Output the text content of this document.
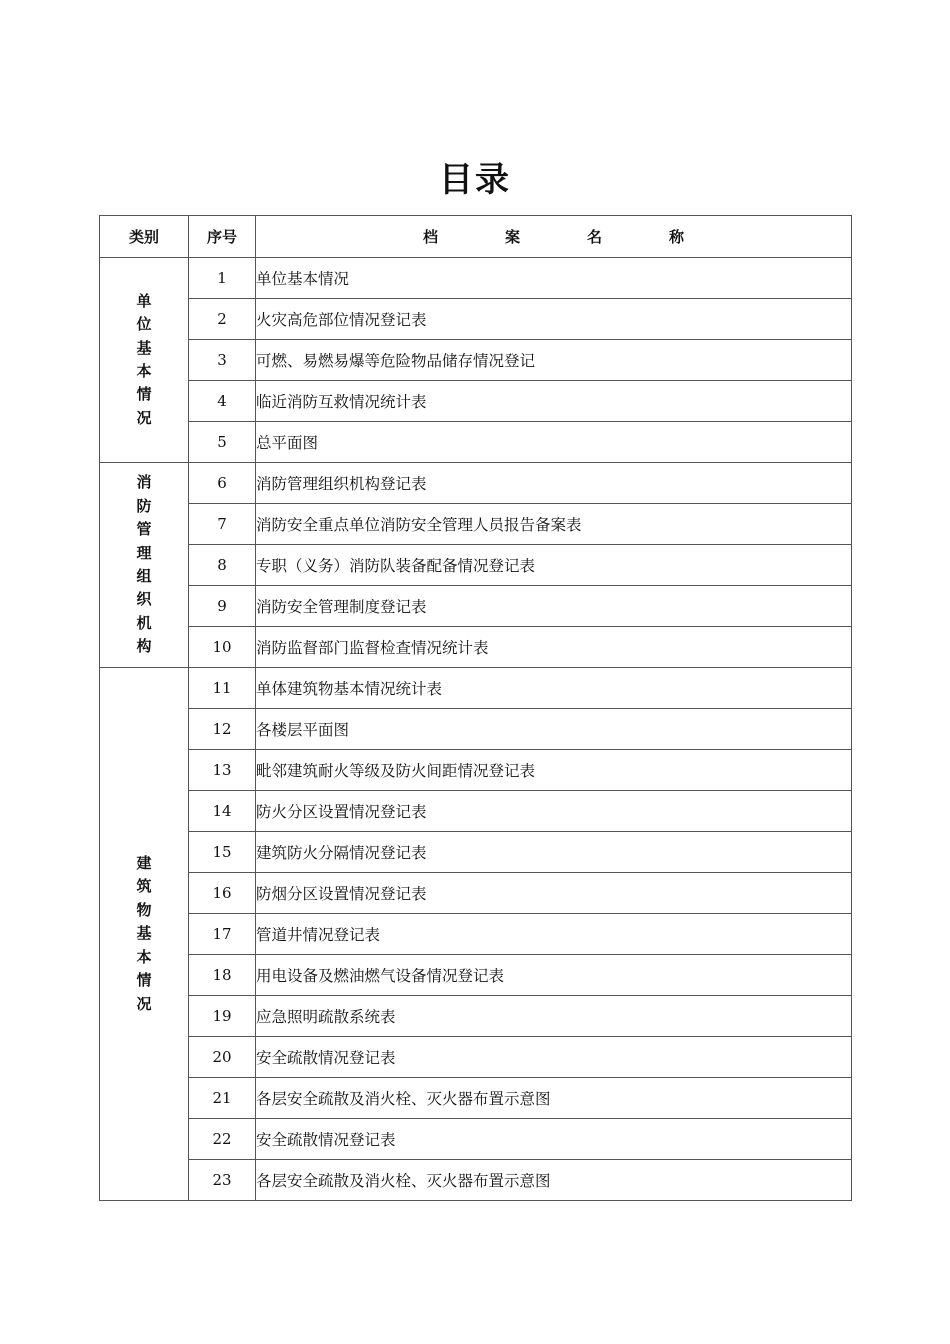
目录
类别	序号	档　案　名　称
单位基本情况	1	单位基本情况
	2	火灾高危部位情况登记表
	3	可燃、易燃易爆等危险物品储存情况登记
	4	临近消防互救情况统计表
	5	总平面图
消防管理组织机构	6	消防管理组织机构登记表
	7	消防安全重点单位消防安全管理人员报告备案表
	8	专职（义务）消防队装备配备情况登记表
	9	消防安全管理制度登记表
	10	消防监督部门监督检查情况统计表
建筑物基本情况	11	单体建筑物基本情况统计表
	12	各楼层平面图
	13	毗邻建筑耐火等级及防火间距情况登记表
	14	防火分区设置情况登记表
	15	建筑防火分隔情况登记表
	16	防烟分区设置情况登记表
	17	管道井情况登记表
	18	用电设备及燃油燃气设备情况登记表
	19	应急照明疏散系统表
	20	安全疏散情况登记表
	21	各层安全疏散及消火栓、灭火器布置示意图
	22	安全疏散情况登记表
	23	各层安全疏散及消火栓、灭火器布置示意图
